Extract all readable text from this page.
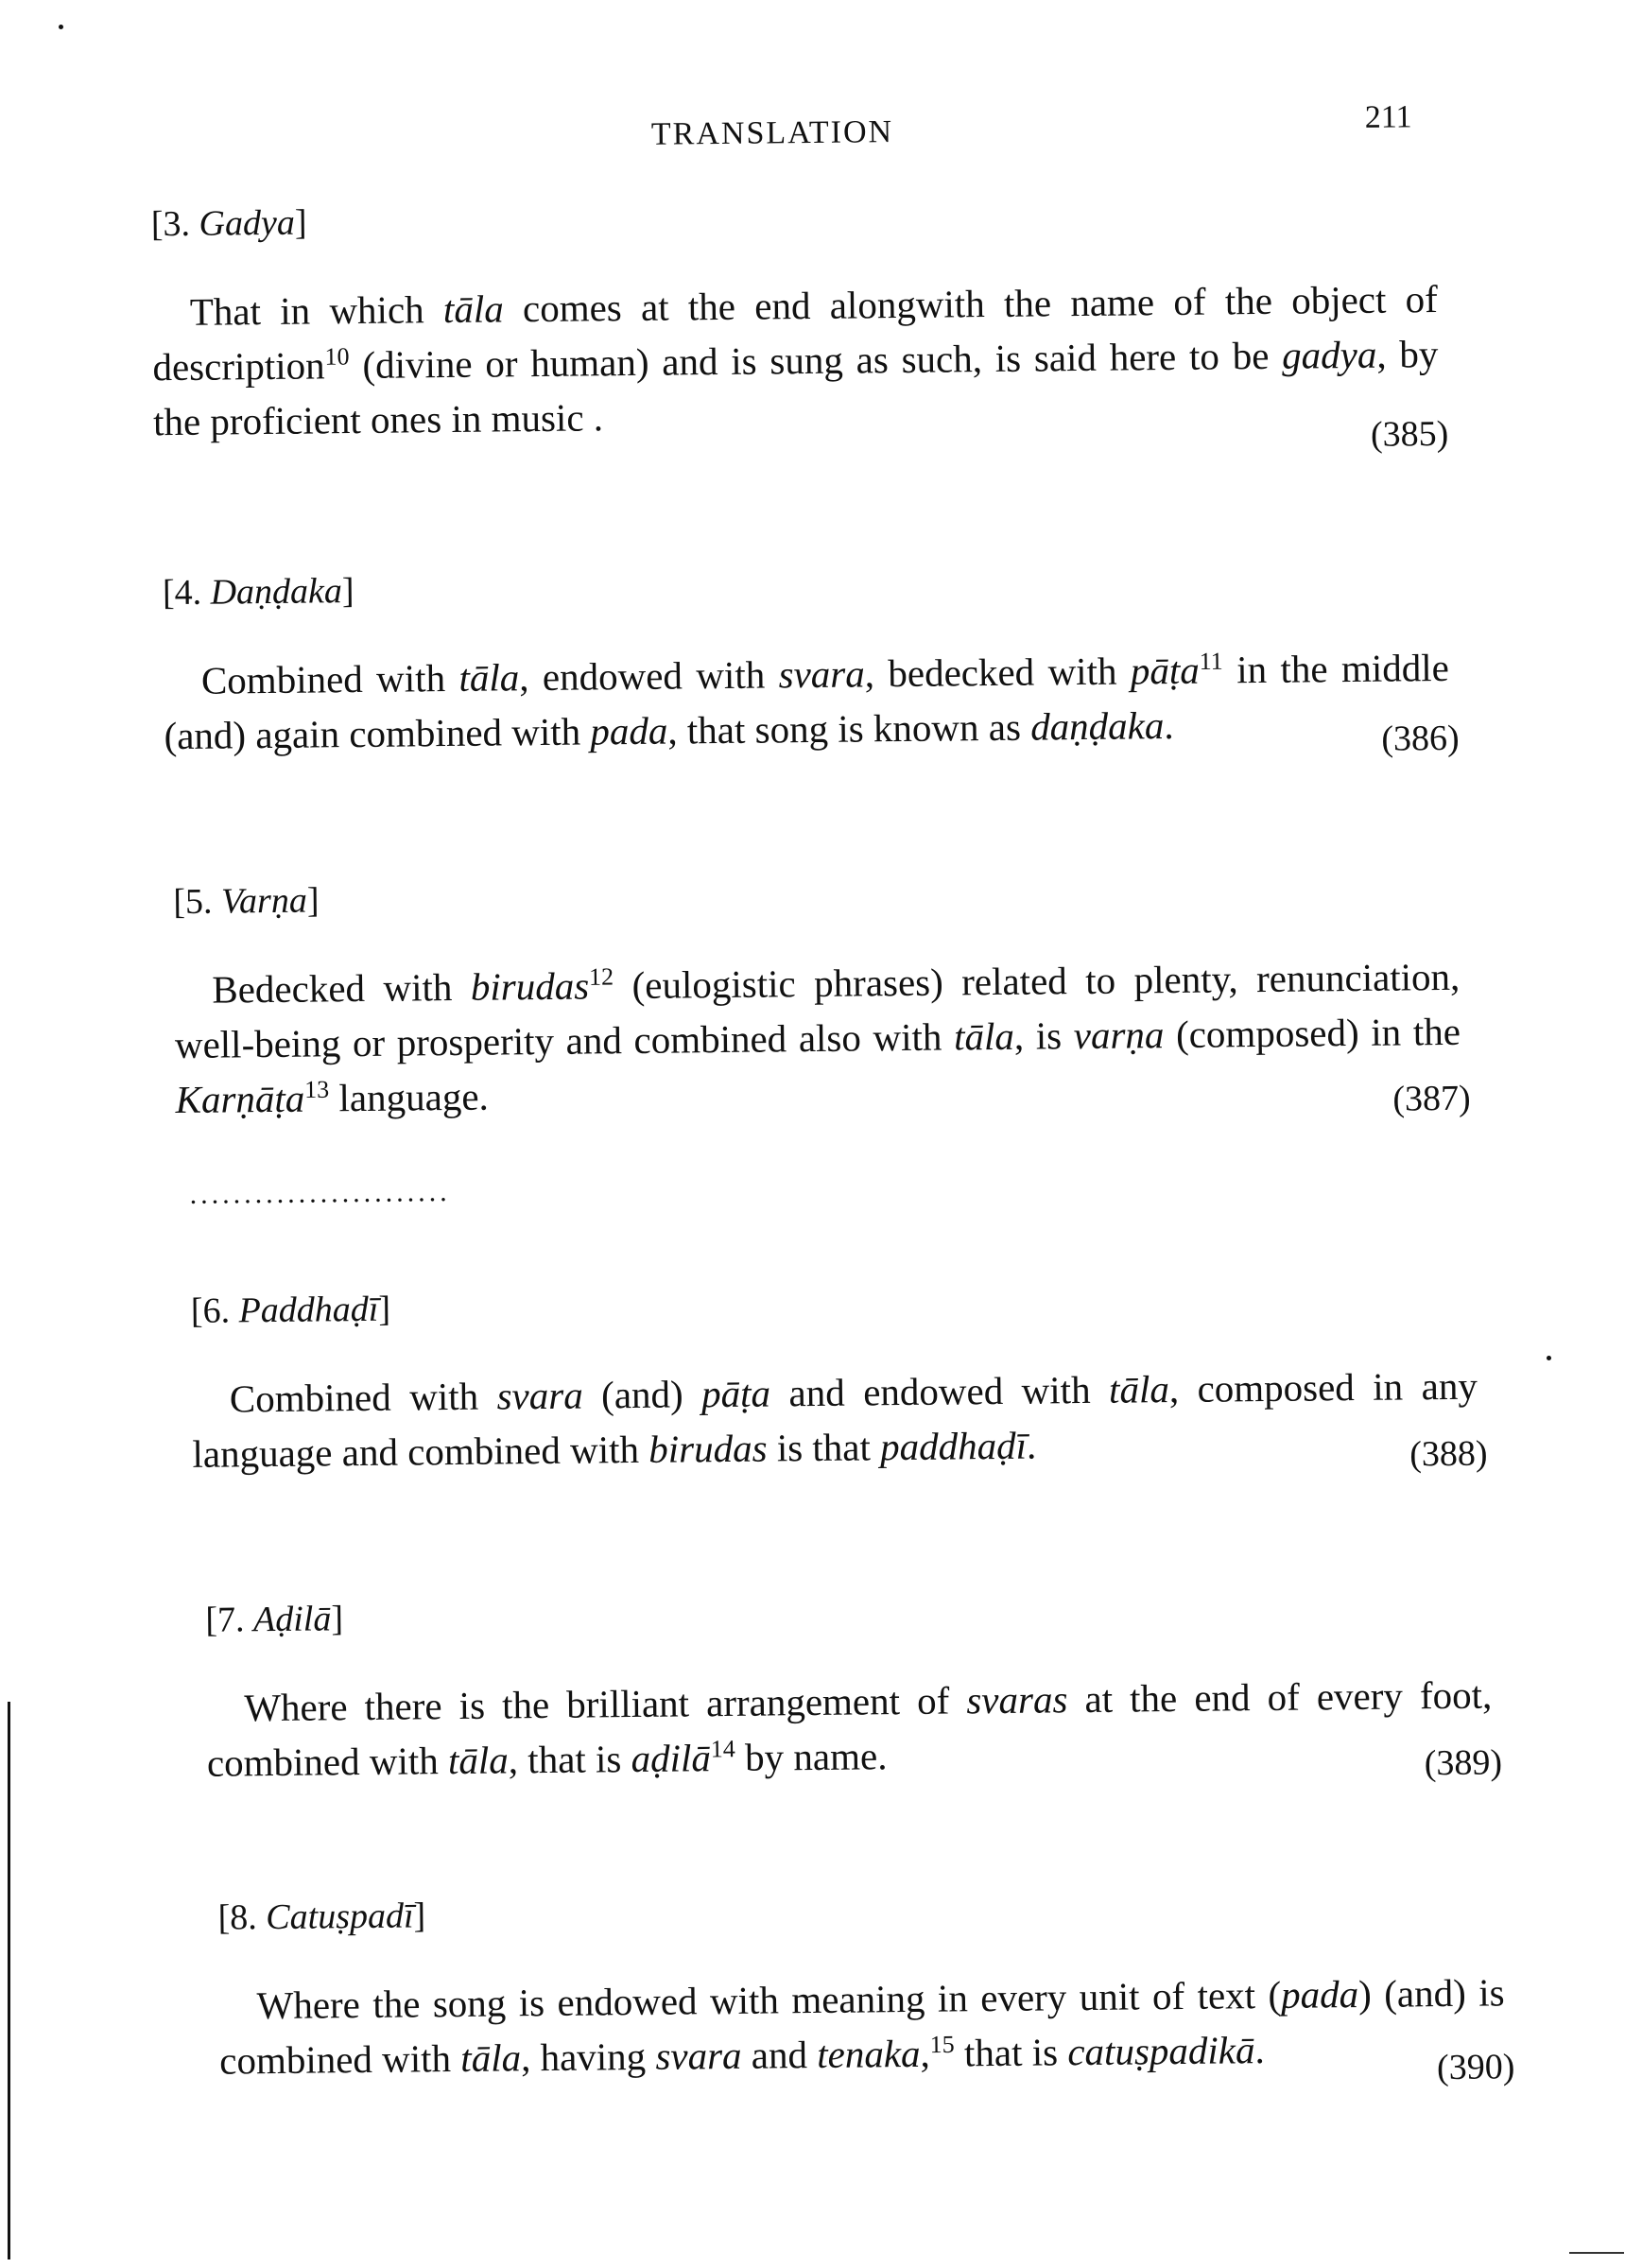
TRANSLATION	211

[3. Gadya]

That in which tāla comes at the end alongwith the name of the object of description$^{10}$ (divine or human) and is sung as such, is said here to be gadya, by the proficient ones in music .	(385)

[4. Daṇḍaka]

Combined with tāla, endowed with svara, bedecked with pāṭa$^{11}$ in the middle (and) again combined with pada, that song is known as daṇḍaka.	(386)

[5. Varṇa]

Bedecked with birudas$^{12}$ (eulogistic phrases) related to plenty, renunciation, well-being or prosperity and combined also with tāla, is varṇa (composed) in the Karṇāṭa$^{13}$ language.	(387)
........................

[6. Paddhaḍī]

Combined with svara (and) pāṭa and endowed with tāla, composed in any language and combined with birudas is that paddhaḍī.	(388)

[7. Aḍilā]

Where there is the brilliant arrangement of svaras at the end of every foot, combined with tāla, that is aḍilā$^{14}$ by name.	(389)

[8. Catuṣpadī]

Where the song is endowed with meaning in every unit of text (pada) (and) is combined with tāla, having svara and tenaka,$^{15}$ that is catuṣpadikā.	(390)
